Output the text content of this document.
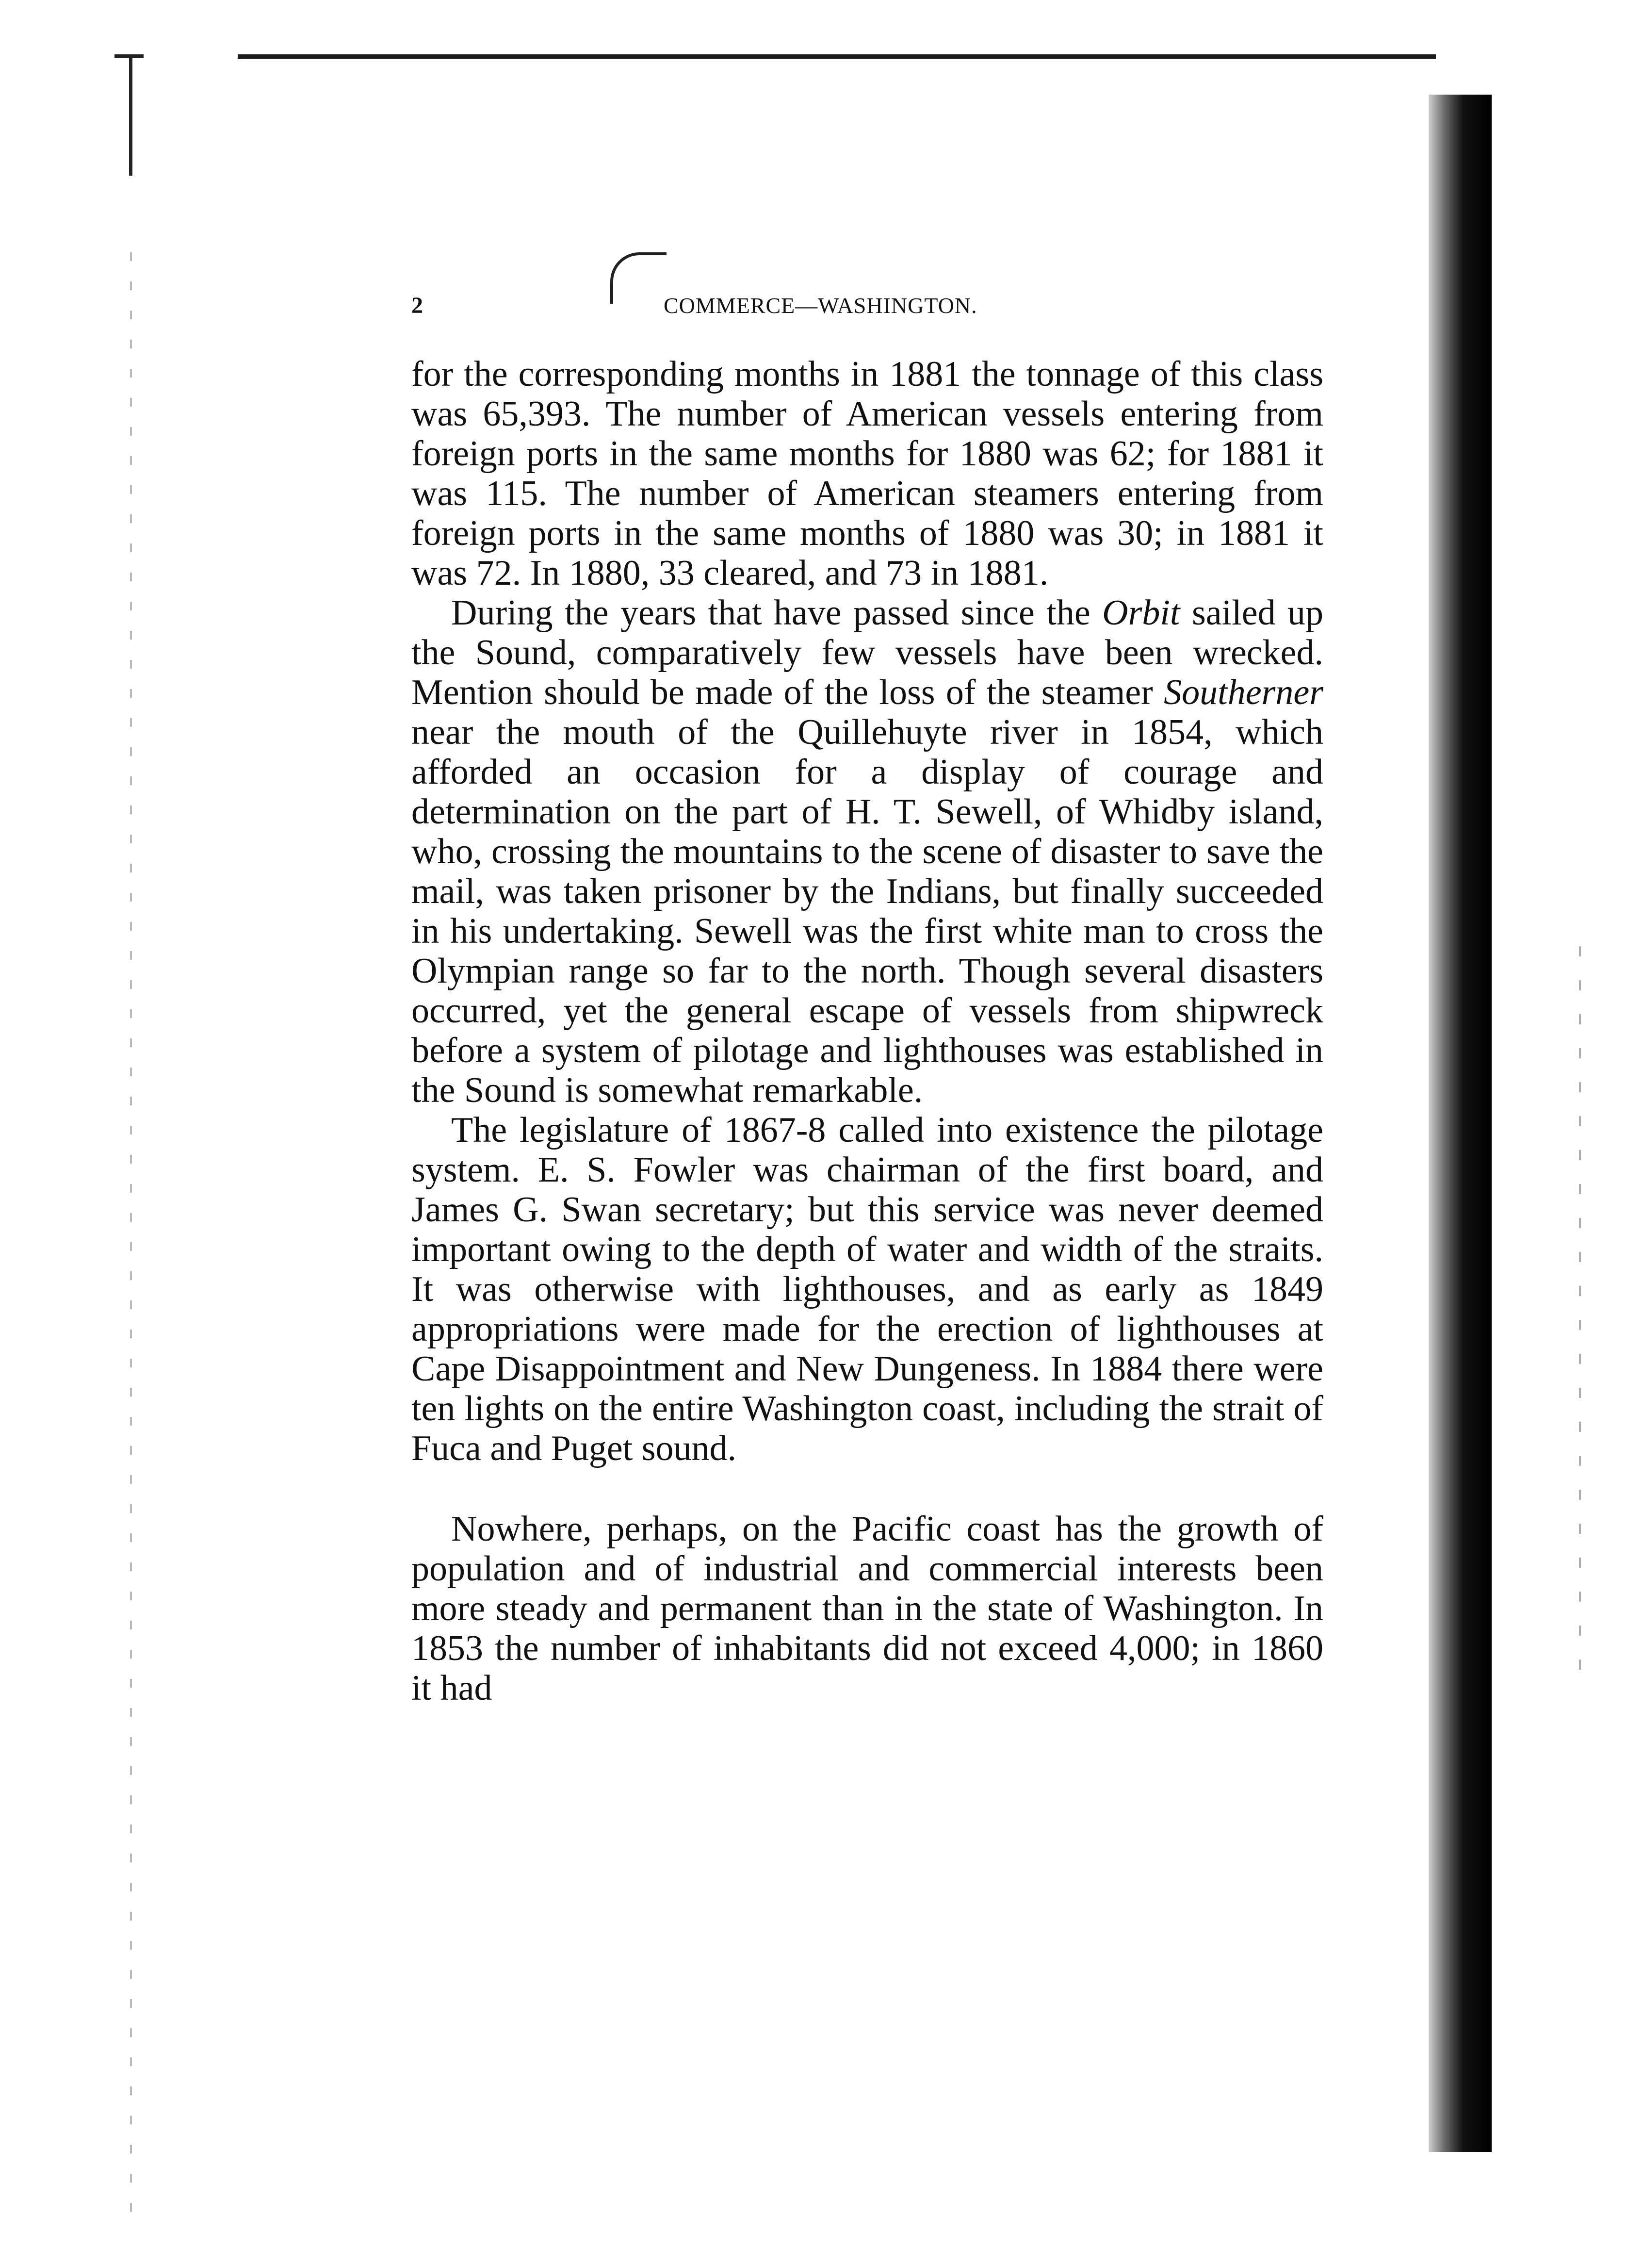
2	COMMERCE—WASHINGTON.

for the corresponding months in 1881 the tonnage of this class was 65,393. The number of American vessels entering from foreign ports in the same months for 1880 was 62; for 1881 it was 115. The number of American steamers entering from foreign ports in the same months of 1880 was 30; in 1881 it was 72. In 1880, 33 cleared, and 73 in 1881.

During the years that have passed since the Orbit sailed up the Sound, comparatively few vessels have been wrecked. Mention should be made of the loss of the steamer Southerner near the mouth of the Quillehuyte river in 1854, which afforded an occasion for a display of courage and determination on the part of H. T. Sewell, of Whidby island, who, crossing the mountains to the scene of disaster to save the mail, was taken prisoner by the Indians, but finally succeeded in his undertaking. Sewell was the first white man to cross the Olympian range so far to the north. Though several disasters occurred, yet the general escape of vessels from shipwreck before a system of pilotage and lighthouses was established in the Sound is somewhat remarkable.

The legislature of 1867-8 called into existence the pilotage system. E. S. Fowler was chairman of the first board, and James G. Swan secretary; but this service was never deemed important owing to the depth of water and width of the straits. It was otherwise with lighthouses, and as early as 1849 appropriations were made for the erection of lighthouses at Cape Disappointment and New Dungeness. In 1884 there were ten lights on the entire Washington coast, including the strait of Fuca and Puget sound.

Nowhere, perhaps, on the Pacific coast has the growth of population and of industrial and commercial interests been more steady and permanent than in the state of Washington. In 1853 the number of inhabitants did not exceed 4,000; in 1860 it had
